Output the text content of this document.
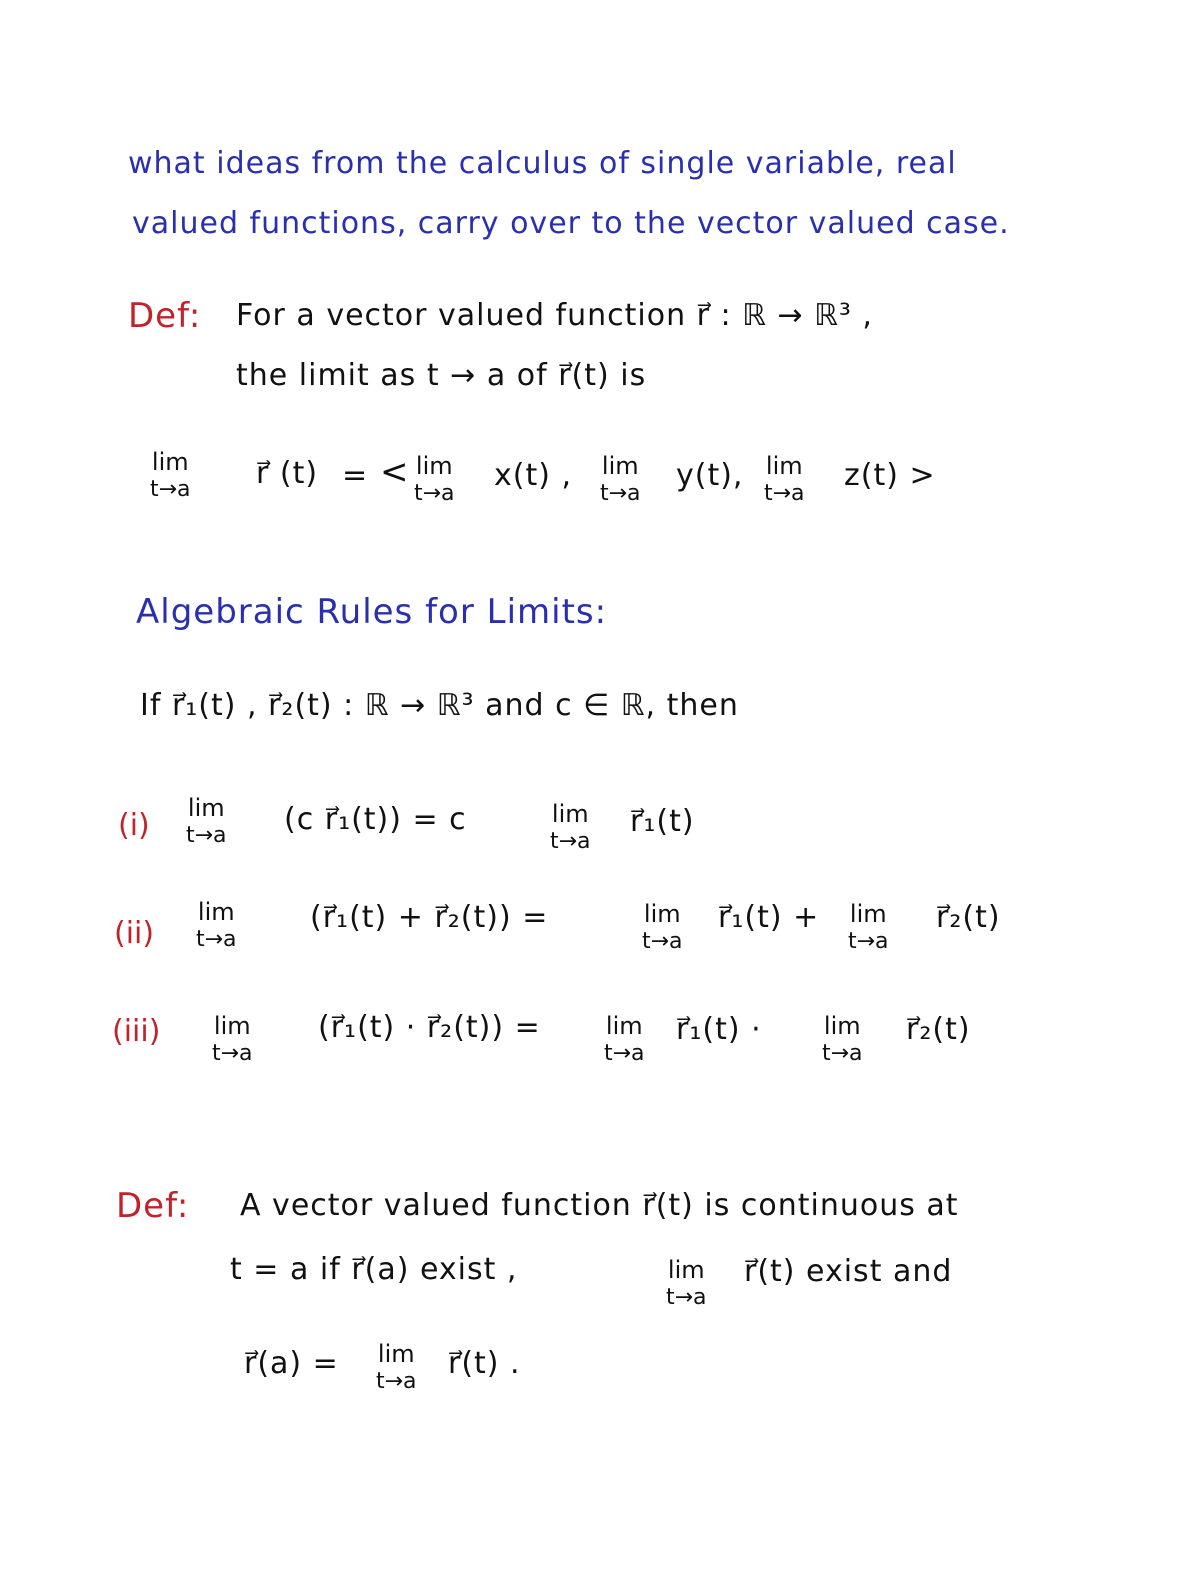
what ideas from the calculus of single variable, real
valued functions, carry over to the vector valued case.
Def: For a vector valued function r⃗ : ℝ → ℝ³ ,
the limit as t → a of r⃗(t) is
lim
t→a r⃗ (t) = < lim
t→a
x(t) , lim
t→a
y(t), lim
t→a
z(t) >
Algebraic Rules for Limits:
If r⃗₁(t) , r⃗₂(t) : ℝ → ℝ³ and c ∈ ℝ, then
(i) lim
t→a (c r⃗₁(t)) = c	lim
t→a
r⃗₁(t)
(ii)
lim
t→a
(r⃗₁(t) + r⃗₂(t)) =	lim
t→a
r⃗₁(t) + lim
t→a
r⃗₂(t)
(iii) lim
t→a
(r⃗₁(t) · r⃗₂(t)) =	lim
t→a
r⃗₁(t) ·	lim
t→a
r⃗₂(t)
Def: A vector valued function r⃗(t) is continuous at
t = a if r⃗(a) exist ,	lim
t→a
r⃗(t) exist and
r⃗(a) = lim
t→a
r⃗(t) .
